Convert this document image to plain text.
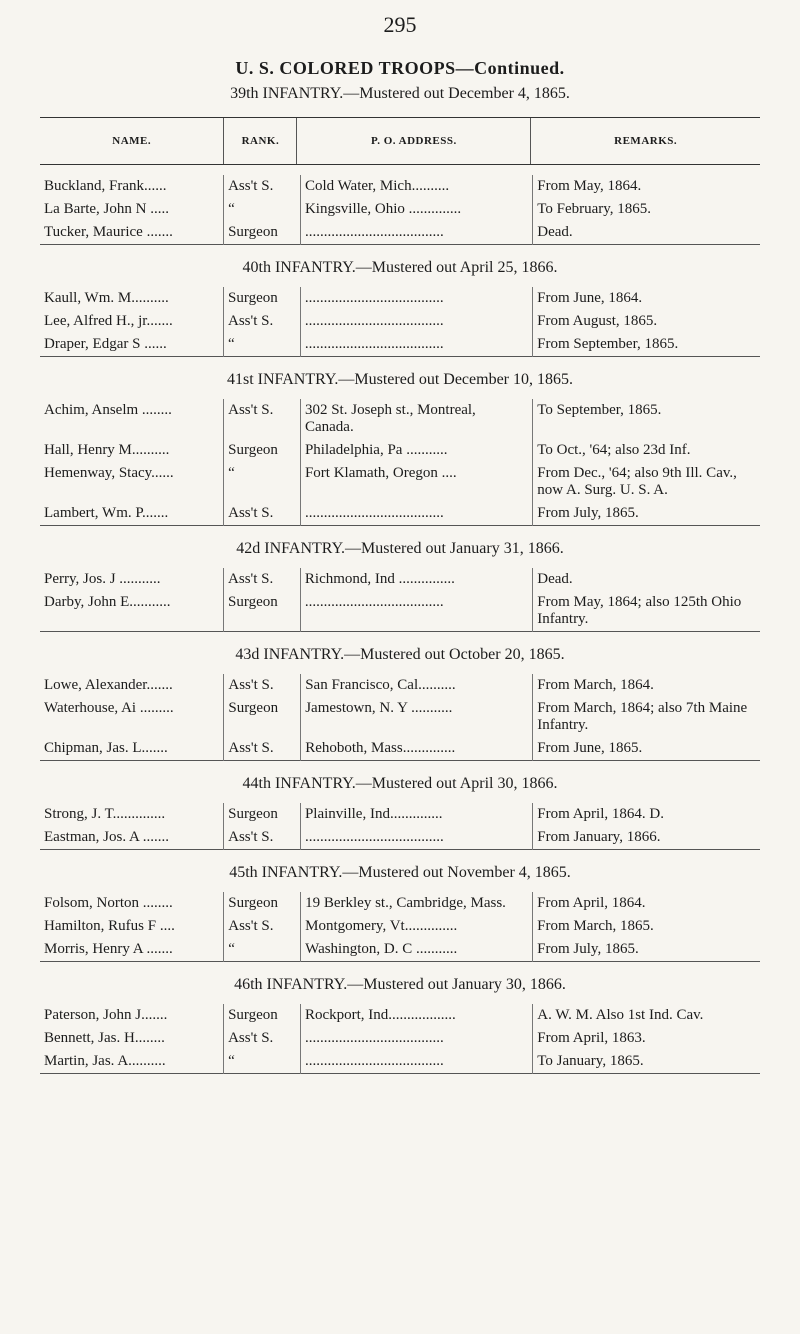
295
U. S. COLORED TROOPS—Continued.
39th INFANTRY.—Mustered out December 4, 1865.
NAME.	RANK.	P. O. ADDRESS.	REMARKS.
Buckland, Frank......	Ass't S.	Cold Water, Mich..........	From May, 1864.
La Barte, John N .....	“	Kingsville, Ohio ..............	To February, 1865.
Tucker, Maurice .......	Surgeon	.....................................	Dead.
40th INFANTRY.—Mustered out April 25, 1866.
Kaull, Wm. M..........	Surgeon	.....................................	From June, 1864.
Lee, Alfred H., jr.......	Ass't S.	.....................................	From August, 1865.
Draper, Edgar S ......	“	.....................................	From September, 1865.
41st INFANTRY.—Mustered out December 10, 1865.
Achim, Anselm ........	Ass't S.	302 St. Joseph st., Montreal, Canada.	To September, 1865.
Hall, Henry M..........	Surgeon	Philadelphia, Pa ...........	To Oct., '64; also 23d Inf.
Hemenway, Stacy......	“	Fort Klamath, Oregon ....	From Dec., '64; also 9th Ill. Cav., now A. Surg. U. S. A.
Lambert, Wm. P.......	Ass't S.	.....................................	From July, 1865.
42d INFANTRY.—Mustered out January 31, 1866.
Perry, Jos. J ...........	Ass't S.	Richmond, Ind ...............	Dead.
Darby, John E...........	Surgeon	.....................................	From May, 1864; also 125th Ohio Infantry.
43d INFANTRY.—Mustered out October 20, 1865.
Lowe, Alexander.......	Ass't S.	San Francisco, Cal..........	From March, 1864.
Waterhouse, Ai .........	Surgeon	Jamestown, N. Y ...........	From March, 1864; also 7th Maine Infantry.
Chipman, Jas. L.......	Ass't S.	Rehoboth, Mass..............	From June, 1865.
44th INFANTRY.—Mustered out April 30, 1866.
Strong, J. T..............	Surgeon	Plainville, Ind..............	From April, 1864. D.
Eastman, Jos. A .......	Ass't S.	.....................................	From January, 1866.
45th INFANTRY.—Mustered out November 4, 1865.
Folsom, Norton ........	Surgeon	19 Berkley st., Cambridge, Mass.	From April, 1864.
Hamilton, Rufus F ....	Ass't S.	Montgomery, Vt..............	From March, 1865.
Morris, Henry A .......	“	Washington, D. C ...........	From July, 1865.
46th INFANTRY.—Mustered out January 30, 1866.
Paterson, John J.......	Surgeon	Rockport, Ind..................	A. W. M. Also 1st Ind. Cav.
Bennett, Jas. H........	Ass't S.	.....................................	From April, 1863.
Martin, Jas. A..........	“	.....................................	To January, 1865.
